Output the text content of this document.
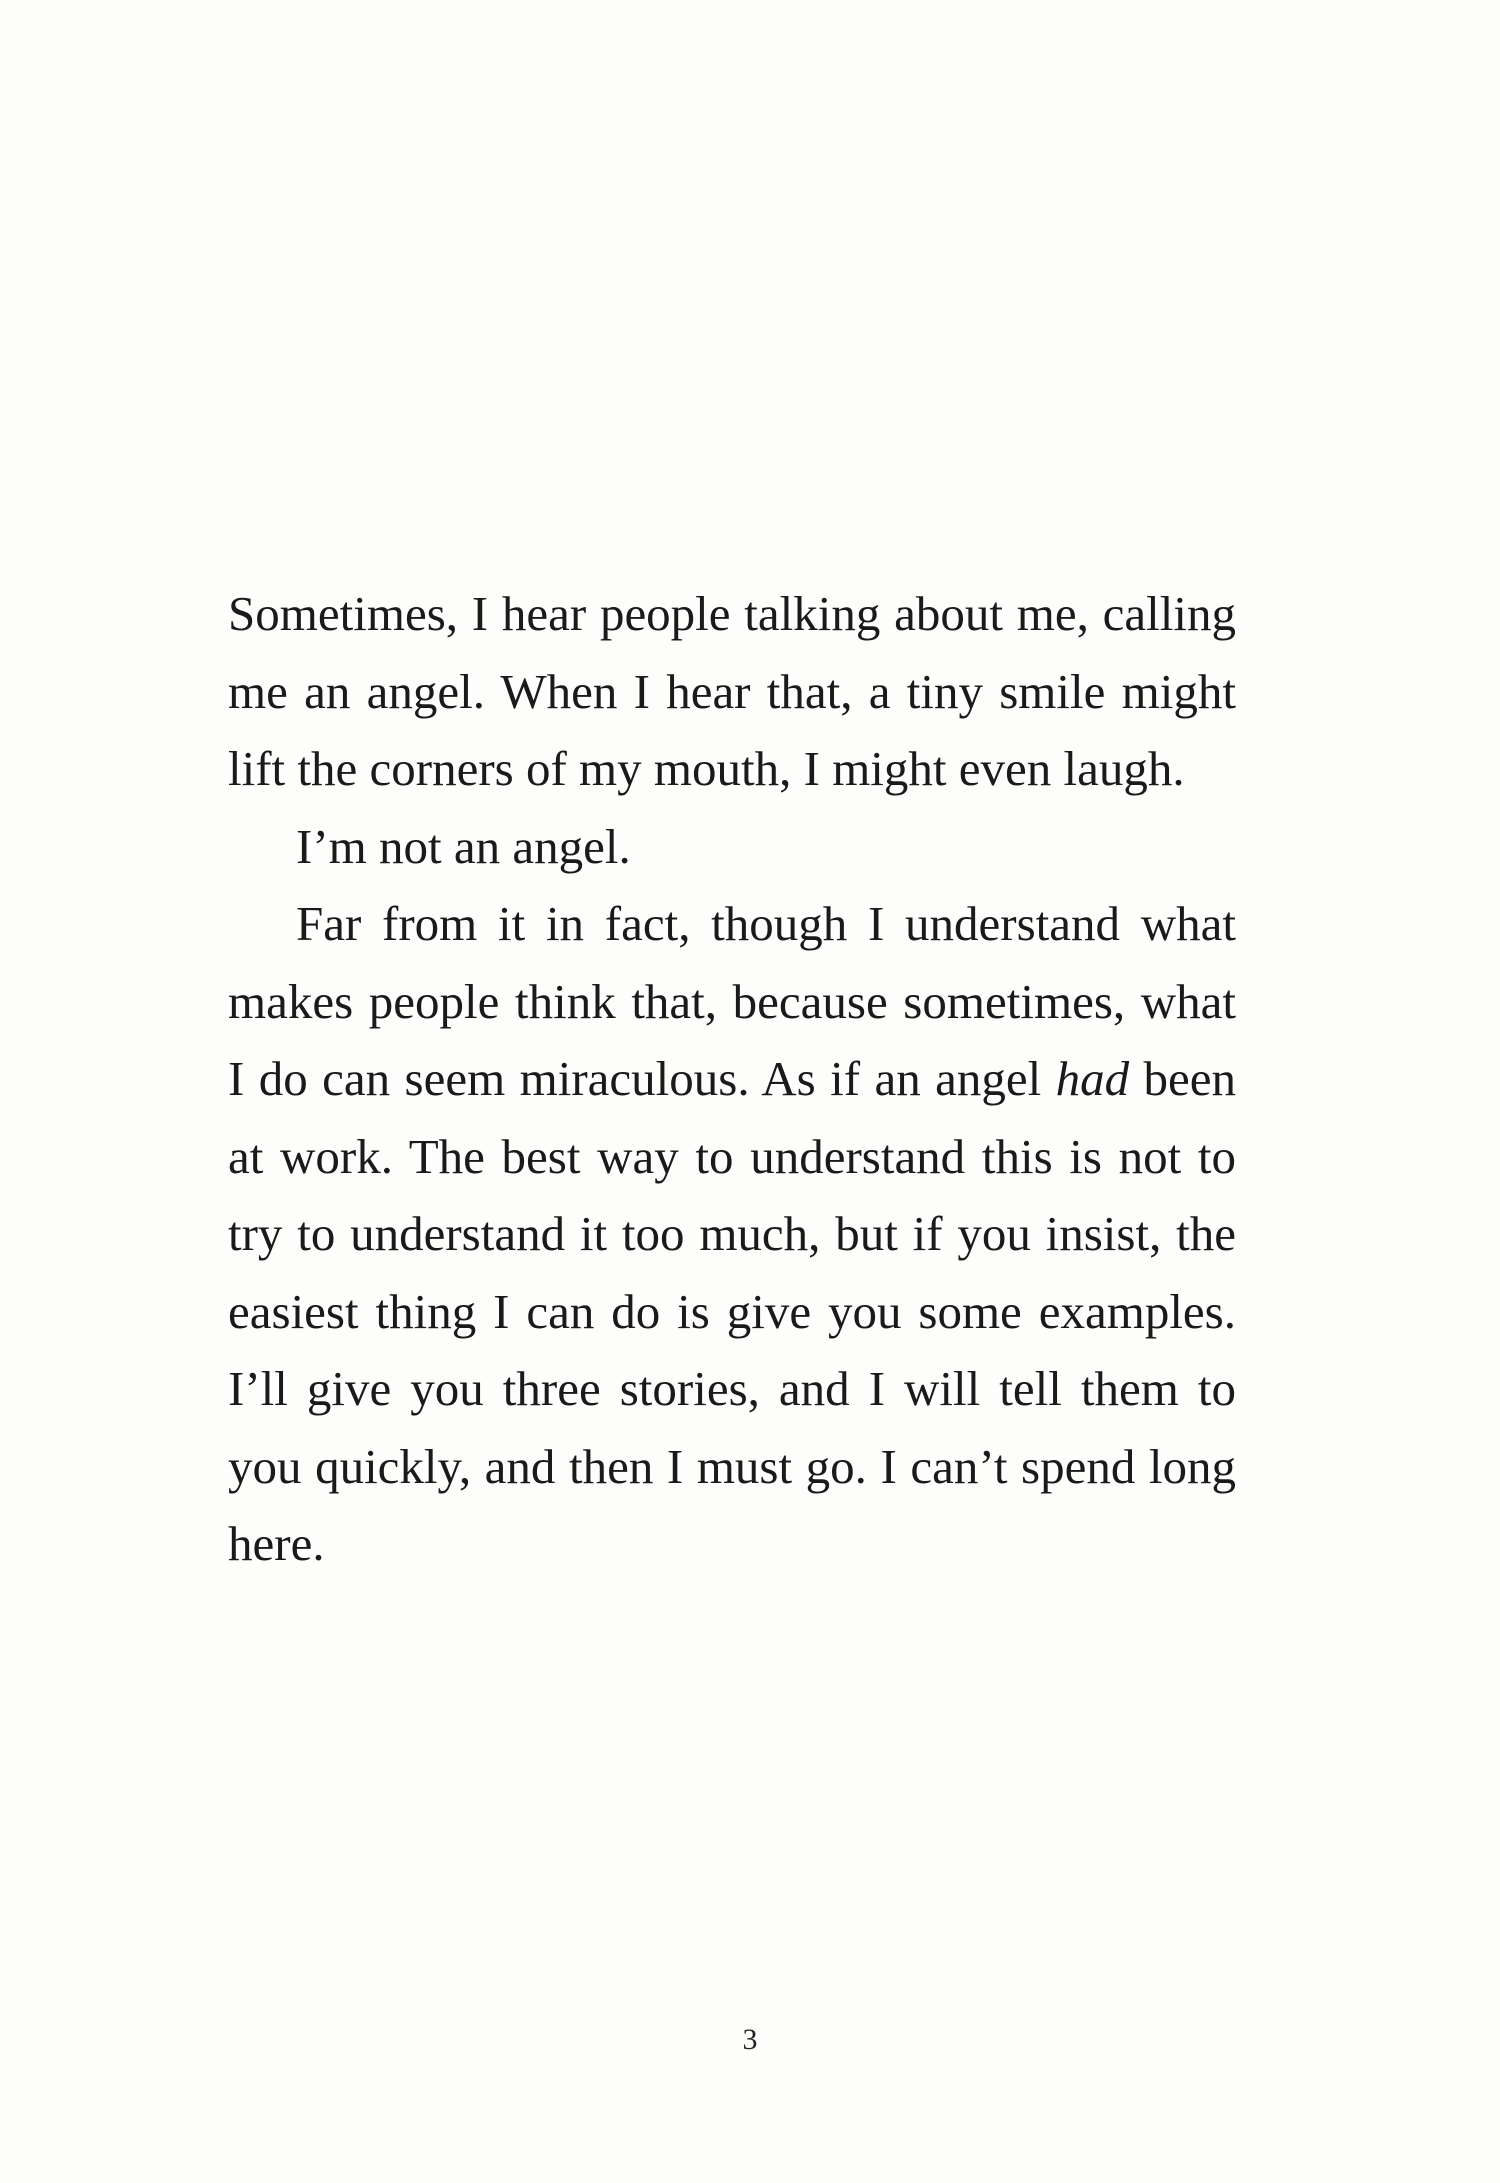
Sometimes, I hear people talking about me, calling me an angel. When I hear that, a tiny smile might lift the corners of my mouth, I might even laugh.

I’m not an angel.

Far from it in fact, though I understand what makes people think that, because sometimes, what I do can seem miraculous. As if an angel had been at work. The best way to understand this is not to try to understand it too much, but if you insist, the easiest thing I can do is give you some examples. I’ll give you three stories, and I will tell them to you quickly, and then I must go. I can’t spend long here.

3
